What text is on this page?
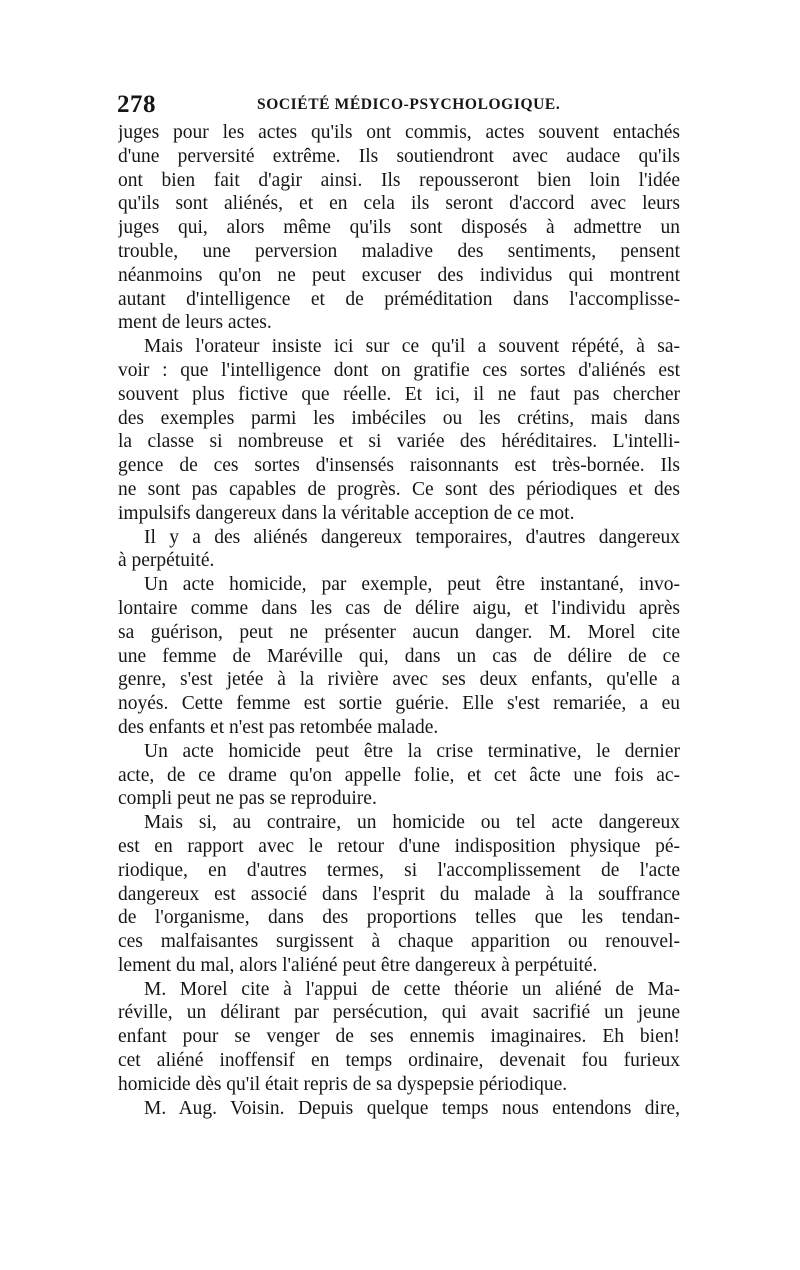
278	SOCIÉTÉ MÉDICO-PSYCHOLOGIQUE.
juges pour les actes qu'ils ont commis, actes souvent entachés
d'une perversité extrême. Ils soutiendront avec audace qu'ils
ont bien fait d'agir ainsi. Ils repousseront bien loin l'idée
qu'ils sont aliénés, et en cela ils seront d'accord avec leurs
juges qui, alors même qu'ils sont disposés à admettre un
trouble, une perversion maladive des sentiments, pensent
néanmoins qu'on ne peut excuser des individus qui montrent
autant d'intelligence et de préméditation dans l'accomplisse-
ment de leurs actes.
Mais l'orateur insiste ici sur ce qu'il a souvent répété, à sa-
voir : que l'intelligence dont on gratifie ces sortes d'aliénés est
souvent plus fictive que réelle. Et ici, il ne faut pas chercher
des exemples parmi les imbéciles ou les crétins, mais dans
la classe si nombreuse et si variée des héréditaires. L'intelli-
gence de ces sortes d'insensés raisonnants est très-bornée. Ils
ne sont pas capables de progrès. Ce sont des périodiques et des
impulsifs dangereux dans la véritable acception de ce mot.
Il y a des aliénés dangereux temporaires, d'autres dangereux
à perpétuité.
Un acte homicide, par exemple, peut être instantané, invo-
lontaire comme dans les cas de délire aigu, et l'individu après
sa guérison, peut ne présenter aucun danger. M. Morel cite
une femme de Maréville qui, dans un cas de délire de ce
genre, s'est jetée à la rivière avec ses deux enfants, qu'elle a
noyés. Cette femme est sortie guérie. Elle s'est remariée, a eu
des enfants et n'est pas retombée malade.
Un acte homicide peut être la crise terminative, le dernier
acte, de ce drame qu'on appelle folie, et cet âcte une fois ac-
compli peut ne pas se reproduire.
Mais si, au contraire, un homicide ou tel acte dangereux
est en rapport avec le retour d'une indisposition physique pé-
riodique, en d'autres termes, si l'accomplissement de l'acte
dangereux est associé dans l'esprit du malade à la souffrance
de l'organisme, dans des proportions telles que les tendan-
ces malfaisantes surgissent à chaque apparition ou renouvel-
lement du mal, alors l'aliéné peut être dangereux à perpétuité.
M. Morel cite à l'appui de cette théorie un aliéné de Ma-
réville, un délirant par persécution, qui avait sacrifié un jeune
enfant pour se venger de ses ennemis imaginaires. Eh bien!
cet aliéné inoffensif en temps ordinaire, devenait fou furieux
homicide dès qu'il était repris de sa dyspepsie périodique.
M. Aug. Voisin. Depuis quelque temps nous entendons dire,
